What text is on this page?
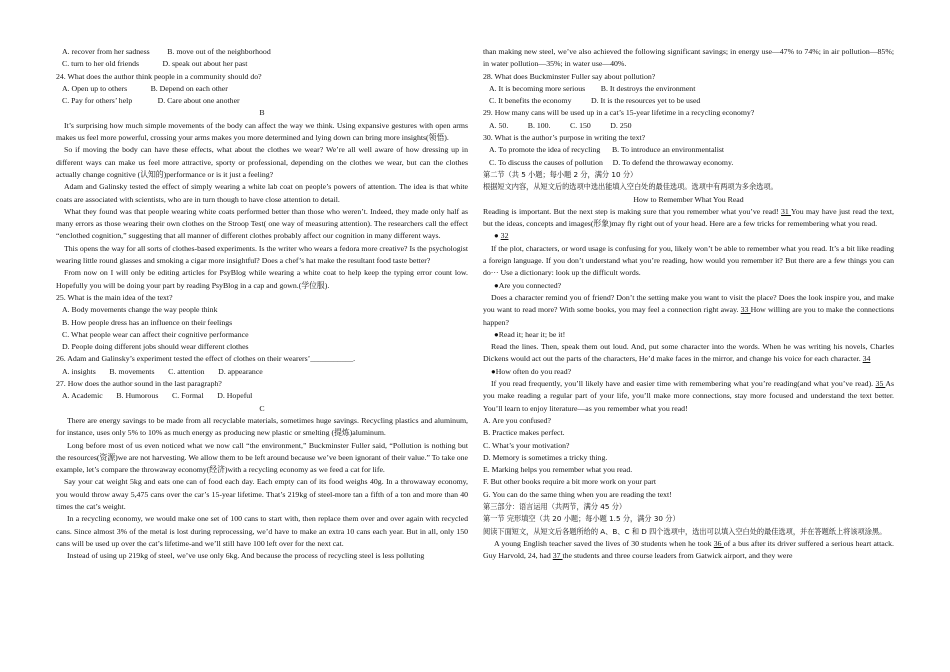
A. recover from her sadness         B. move out of the neighborhood

C. turn to her old friends            D. speak out about her past

24. What does the author think people in a community should do?

A. Open up to others            B. Depend on each other

C. Pay for others’ help             D. Care about one another

B

It’s surprising how much simple movements of the body can affect the way we think. Using expansive gestures with open arms makes us feel more powerful, crossing your arms makes you more determined and lying down can bring more insights(领悟).

So if moving the body can have these effects, what about the clothes we wear? We’re all well aware of how dressing up in different ways can make us feel more attractive, sporty or professional, depending on the clothes we wear, but can the clothes actually change cognitive (认知的)performance or is it just a feeling?

Adam and Galinsky tested the effect of simply wearing a white lab coat on people’s powers of attention. The idea is that white coats are associated with scientists, who are in turn though to have close attention to detail.

What they found was that people wearing white coats performed better than those who weren’t. Indeed, they made only half as many errors as those wearing their own clothes on the Stroop Test( one way of measuring attention). The researchers call the effect “enclothed cognition,” suggesting that all manner of different clothes probably affect our cognition in many different ways.

This opens the way for all sorts of clothes-based experiments. Is the writer who wears a fedora more creative? Is the psychologist wearing little round glasses and smoking a cigar more insightful? Does a chef’s hat make the resultant food taste better?

From now on I will only be editing articles for PsyBlog while wearing a white coat to help keep the typing error count low. Hopefully you will be doing your part by reading PsyBlog in a cap and gown.(学位服).

25. What is the main idea of the text?

A. Body movements change the way people think

B. How people dress has an influence on their feelings

C. What people wear can affect their cognitive performance

D. People doing different jobs should wear different clothes

26. Adam and Galinsky’s experiment tested the effect of clothes on their wearers’___________.

A. insights       B. movements       C. attention       D. appearance

27. How does the author sound in the last paragraph?

A. Academic       B. Humorous       C. Formal       D. Hopeful

C

There are energy savings to be made from all recyclable materials, sometimes huge savings. Recycling plastics and aluminum, for instance, uses only 5% to 10% as much energy as producing new plastic or smelting (提炼)aluminum.

Long before most of us even noticed what we now call “the environment,” Buckminster Fuller said, “Pollution is nothing but the resources(资源)we are not harvesting. We allow them to be left around because we’ve been ignorant of their value.” To take one example, let’s compare the throwaway economy(经济)with a recycling economy as we feed a cat for life.

Say your cat weight 5kg and eats one can of food each day. Each empty can of its food weighs 40g. In a throwaway economy, you would throw away 5,475 cans over the car’s 15-year lifetime. That’s 219kg of steel-more tan a fifth of a ton and more than 40 times the cat’s weight.

In a recycling economy, we would make one set of 100 cans to start with, then replace them over and over again with recycled cans. Since almost 3% of the metal is lost during reprocessing, we’d have to make an extra 10 cans each year. But in all, only 150 cans will be used up over the cat’s lifetime-and we’ll still have 100 left over for the next cat.

Instead of using up 219kg of steel, we’ve use only 6kg. And because the process of recycling steel is less polluting

than making new steel, we’ve also achieved the following significant savings; in energy use—47% to 74%; in air pollution—85%; in water pollution—35%; in water use—40%.

28. What does Buckminster Fuller say about pollution?

A. It is becoming more serious        B. It destroys the environment

C. It benefits the economy          D. It is the resources yet to be used

29. How many cans will be used up in a cat’s 15-year lifetime in a recycling economy?

A. 50.          B. 100.          C. 150          D. 250

30. What is the author’s purpose in writing the text?

A. To promote the idea of recycling      B. To introduce an environmentalist

C. To discuss the causes of pollution     D. To defend the throwaway economy.

第二节（共 5 小题；每小题 2 分，满分 10 分）

根据短文内容，从短文后的选项中选出能填入空白处的最佳选项。选项中有两项为多余选项。

How to Remember What You Read

Reading is important. But the next step is making sure that you remember what you’ve read! 31 You may have just read the text, but the ideas, concepts and images(形象)may fly right out of your head. Here are a few tricks for remembering what you read.

● 32

If the plot, characters, or word usage is confusing for you, likely won’t be able to remember what you read. It’s a bit like reading a foreign language. If you don’t understand what you’re reading, how would you remember it? But there are a few things you can do··· Use a dictionary: look up the difficult words.

●Are you connected?

Does a character remind you of friend? Don’t the setting make you want to visit the place? Does the look inspire you, and make you want to read more? With some books, you may feel a connection right away. 33 How willing are you to make the connections happen?

●Read it; hear it; be it!

Read the lines. Then, speak them out loud. And, put some character into the words. When he was writing his novels, Charles Dickens would act out the parts of the characters, He’d make faces in the mirror, and change his voice for each character. 34

●How often do you read?

If you read frequently, you’ll likely have and easier time with remembering what you’re reading(and what you’ve read). 35 As you make reading a regular part of your life, you’ll make more connections, stay more focused and understand the text better. You’ll learn to enjoy literature—as you remember what you read!

A. Are you confused?

B. Practice makes perfect.

C. What’s your motivation?

D. Memory is sometimes a tricky thing.

E. Marking helps you remember what you read.

F. But other books require a bit more work on your part

G. You can do the same thing when you are reading the text!

第三部分：语言运用（共两节，满分 45 分）

第一节 完形填空（共 20 小题；每小题 1.5 分，满分 30 分）

阅读下面短文，从短文后各题所给的 A、B、C 和 D 四个选项中，选出可以填入空白处的最佳选项，并在答题纸上将该项涂黑。

A young English teacher saved the lives of 30 students when he took 36 of a bus after its driver suffered a serious heart attack. Guy Harvold, 24, had 37 the students and three course leaders from Gatwick airport, and they were
